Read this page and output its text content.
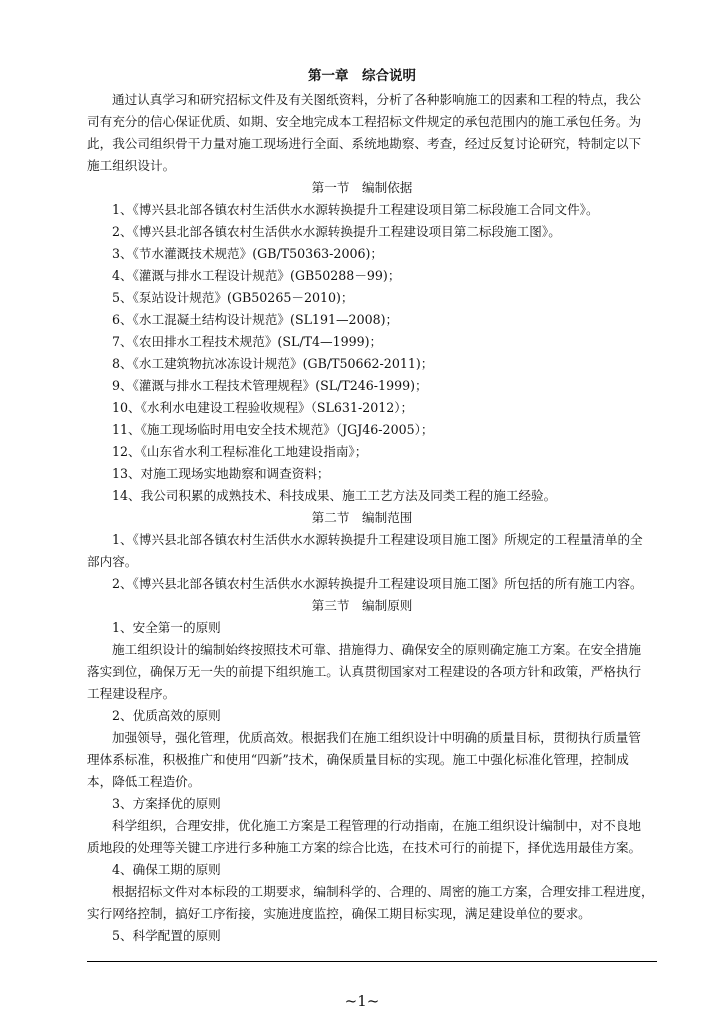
第一章　综合说明
通过认真学习和研究招标文件及有关图纸资料，分析了各种影响施工的因素和工程的特点，我公
司有充分的信心保证优质、如期、安全地完成本工程招标文件规定的承包范围内的施工承包任务。为
此，我公司组织骨干力量对施工现场进行全面、系统地勘察、考查，经过反复讨论研究，特制定以下
施工组织设计。
第一节　编制依据
1、《博兴县北部各镇农村生活供水水源转换提升工程建设项目第二标段施工合同文件》。
2、《博兴县北部各镇农村生活供水水源转换提升工程建设项目第二标段施工图》。
3、《节水灌溉技术规范》(GB/T50363-2006)；
4、《灌溉与排水工程设计规范》(GB50288－99)；
5、《泵站设计规范》(GB50265－2010)；
6、《水工混凝土结构设计规范》(SL191—2008)；
7、《农田排水工程技术规范》(SL/T4—1999)；
8、《水工建筑物抗冰冻设计规范》(GB/T50662-2011)；
9、《灌溉与排水工程技术管理规程》(SL/T246-1999)；
10、《水利水电建设工程验收规程》（SL631-2012）；
11、《施工现场临时用电安全技术规范》（JGJ46-2005）；
12、《山东省水利工程标准化工地建设指南》；
13、对施工现场实地勘察和调查资料；
14、我公司积累的成熟技术、科技成果、施工工艺方法及同类工程的施工经验。
第二节　编制范围
1、《博兴县北部各镇农村生活供水水源转换提升工程建设项目施工图》所规定的工程量清单的全
部内容。
2、《博兴县北部各镇农村生活供水水源转换提升工程建设项目施工图》所包括的所有施工内容。
第三节　编制原则
1、安全第一的原则
施工组织设计的编制始终按照技术可靠、措施得力、确保安全的原则确定施工方案。在安全措施
落实到位，确保万无一失的前提下组织施工。认真贯彻国家对工程建设的各项方针和政策，严格执行
工程建设程序。
2、优质高效的原则
加强领导，强化管理，优质高效。根据我们在施工组织设计中明确的质量目标，贯彻执行质量管
理体系标准，积极推广和使用“四新”技术，确保质量目标的实现。施工中强化标准化管理，控制成
本，降低工程造价。
3、方案择优的原则
科学组织，合理安排，优化施工方案是工程管理的行动指南，在施工组织设计编制中，对不良地
质地段的处理等关键工序进行多种施工方案的综合比选，在技术可行的前提下，择优选用最佳方案。
4、确保工期的原则
根据招标文件对本标段的工期要求，编制科学的、合理的、周密的施工方案，合理安排工程进度，
实行网络控制，搞好工序衔接，实施进度监控，确保工期目标实现，满足建设单位的要求。
5、科学配置的原则
~1~
